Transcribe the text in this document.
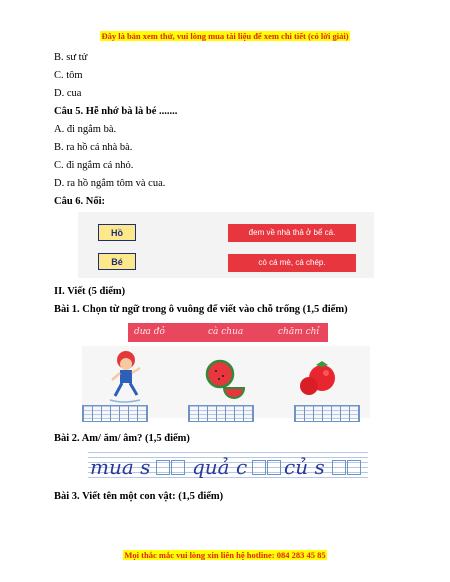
Đây là bản xem thử, vui lòng mua tài liệu để xem chi tiết (có lời giải)
B. sư tử
C. tôm
D. cua
Câu 5. Hễ nhớ bà là bé .......
A. đi ngắm bà.
B. ra hồ cá nhà bà.
C. đi ngắm cá nhỏ.
D. ra hồ ngắm tôm và cua.
Câu 6. Nối:
Hồ
Bé
đem về nhà thả ở bể cá.
có cá mè, cá chép.
II. Viết (5 điểm)
Bài 1. Chọn từ ngữ trong ô vuông để viết vào chỗ trống (1,5 điểm)
dưa đỏ	cà chua	chăm chỉ
Bài 2. Am/ ăm/ âm? (1,5 điểm)
mua s quả c củ s
Bài 3. Viết tên một con vật: (1,5 điểm)
Mọi thắc mắc vui lòng xin liên hệ hotline: 084 283 45 85
